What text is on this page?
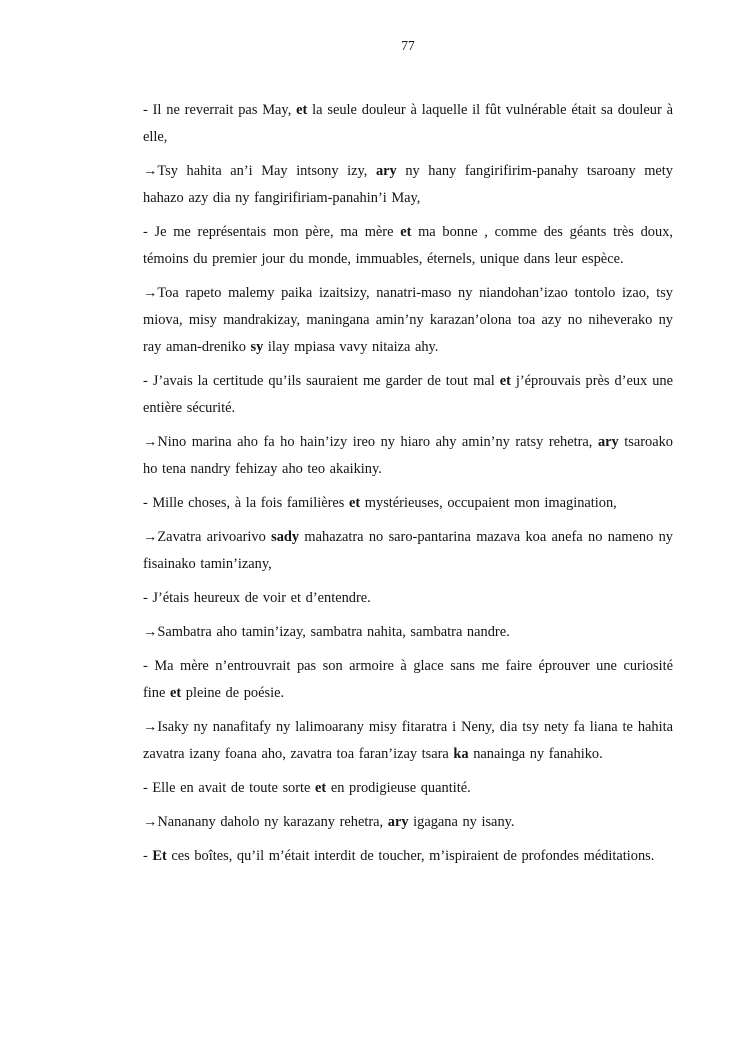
77

- Il ne reverrait pas May, et la seule douleur à laquelle il fût vulnérable était sa douleur à elle,

→Tsy hahita an’i May intsony izy, ary ny hany fangirifirim-panahy tsaroany mety hahazo azy dia ny fangirifiriam-panahin’i May,

- Je me représentais mon père, ma mère et ma bonne , comme des géants très doux, témoins du premier jour du monde, immuables, éternels, unique dans leur espèce.

→Toa rapeto malemy paika izaitsizy, nanatri-maso ny niandohan’izao tontolo izao, tsy miova, misy mandrakizay, maningana amin’ny karazan’olona toa azy no niheverako ny ray aman-dreniko sy ilay mpiasa vavy nitaiza ahy.

- J’avais la certitude qu’ils sauraient me garder de tout mal et j’éprouvais près d’eux une entière sécurité.

→Nino marina aho fa ho hain’izy ireo ny hiaro ahy amin’ny ratsy rehetra, ary tsaroako ho tena nandry fehizay aho teo akaikiny.

- Mille choses, à la fois familières et mystérieuses, occupaient mon imagination,

→Zavatra arivoarivo sady mahazatra no saro-pantarina mazava koa anefa no nameno ny fisainako tamin’izany,

- J’étais heureux de voir et d’entendre.

→Sambatra aho tamin’izay, sambatra nahita, sambatra nandre.

- Ma mère n’entrouvrait pas son armoire à glace sans me faire éprouver une curiosité fine et pleine de poésie.

→Isaky ny nanafitafy ny lalimoarany misy fitaratra i Neny, dia tsy nety fa liana te hahita zavatra izany foana aho, zavatra toa faran’izay tsara ka nanainga ny fanahiko.

- Elle en avait de toute sorte et en prodigieuse quantité.

→Nananany daholo ny karazany rehetra, ary igagana ny isany.

- Et ces boîtes, qu’il m’était interdit de toucher, m’ispiraient de profondes méditations.
